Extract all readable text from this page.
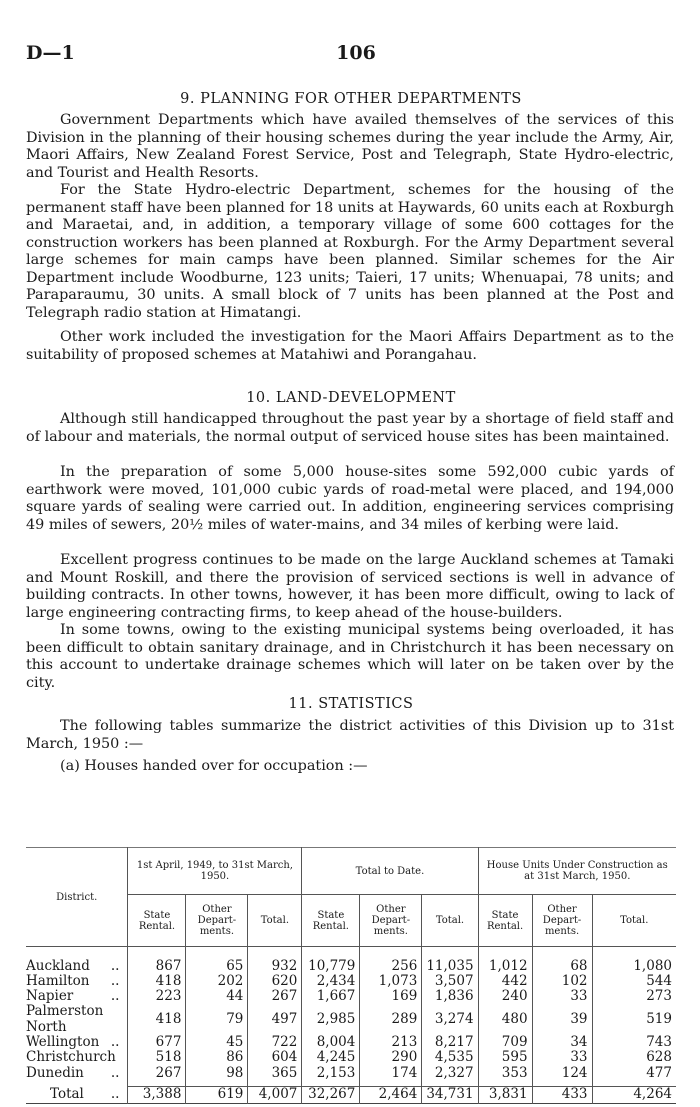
D—1	106
9. PLANNING FOR OTHER DEPARTMENTS

Government Departments which have availed themselves of the services of this Division in the planning of their housing schemes during the year include the Army, Air, Maori Affairs, New Zealand Forest Service, Post and Telegraph, State Hydro-electric, and Tourist and Health Resorts.

For the State Hydro-electric Department, schemes for the housing of the permanent staff have been planned for 18 units at Haywards, 60 units each at Roxburgh and Maraetai, and, in addition, a temporary village of some 600 cottages for the construction workers has been planned at Roxburgh. For the Army Department several large schemes for main camps have been planned. Similar schemes for the Air Department include Woodburne, 123 units; Taieri, 17 units; Whenuapai, 78 units; and Paraparaumu, 30 units. A small block of 7 units has been planned at the Post and Telegraph radio station at Himatangi.

Other work included the investigation for the Maori Affairs Department as to the suitability of proposed schemes at Matahiwi and Porangahau.

10. LAND-DEVELOPMENT

Although still handicapped throughout the past year by a shortage of field staff and of labour and materials, the normal output of serviced house sites has been maintained.

In the preparation of some 5,000 house-sites some 592,000 cubic yards of earthwork were moved, 101,000 cubic yards of road-metal were placed, and 194,000 square yards of sealing were carried out. In addition, engineering services comprising 49 miles of sewers, 20½ miles of water-mains, and 34 miles of kerbing were laid.

Excellent progress continues to be made on the large Auckland schemes at Tamaki and Mount Roskill, and there the provision of serviced sections is well in advance of building contracts. In other towns, however, it has been more difficult, owing to lack of large engineering contracting firms, to keep ahead of the house-builders.

In some towns, owing to the existing municipal systems being overloaded, it has been difficult to obtain sanitary drainage, and in Christchurch it has been necessary on this account to undertake drainage schemes which will later on be taken over by the city.

11. STATISTICS

The following tables summarize the district activities of this Division up to 31st March, 1950 :—

(a) Houses handed over for occupation :—
District.	1st April, 1949, to 31st March, 1950.			Total to Date.			House Units Under Construction as at 31st March, 1950.		
	State Rental.	Other Depart-ments.	Total.	State Rental.	Other Depart-ments.	Total.	State Rental.	Other Depart-ments.	Total.

Auckland ..	867	65	932	10,779	256	11,035	1,012	68	1,080
Hamilton ..	418	202	620	2,434	1,073	3,507	442	102	544
Napier ..	223	44	267	1,667	169	1,836	240	33	273
Palmerston North	418	79	497	2,985	289	3,274	480	39	519
Wellington ..	677	45	722	8,004	213	8,217	709	34	743
Christchurch	518	86	604	4,245	290	4,535	595	33	628
Dunedin ..	267	98	365	2,153	174	2,327	353	124	477

Total ..	3,388	619	4,007	32,267	2,464	34,731	3,831	433	4,264
